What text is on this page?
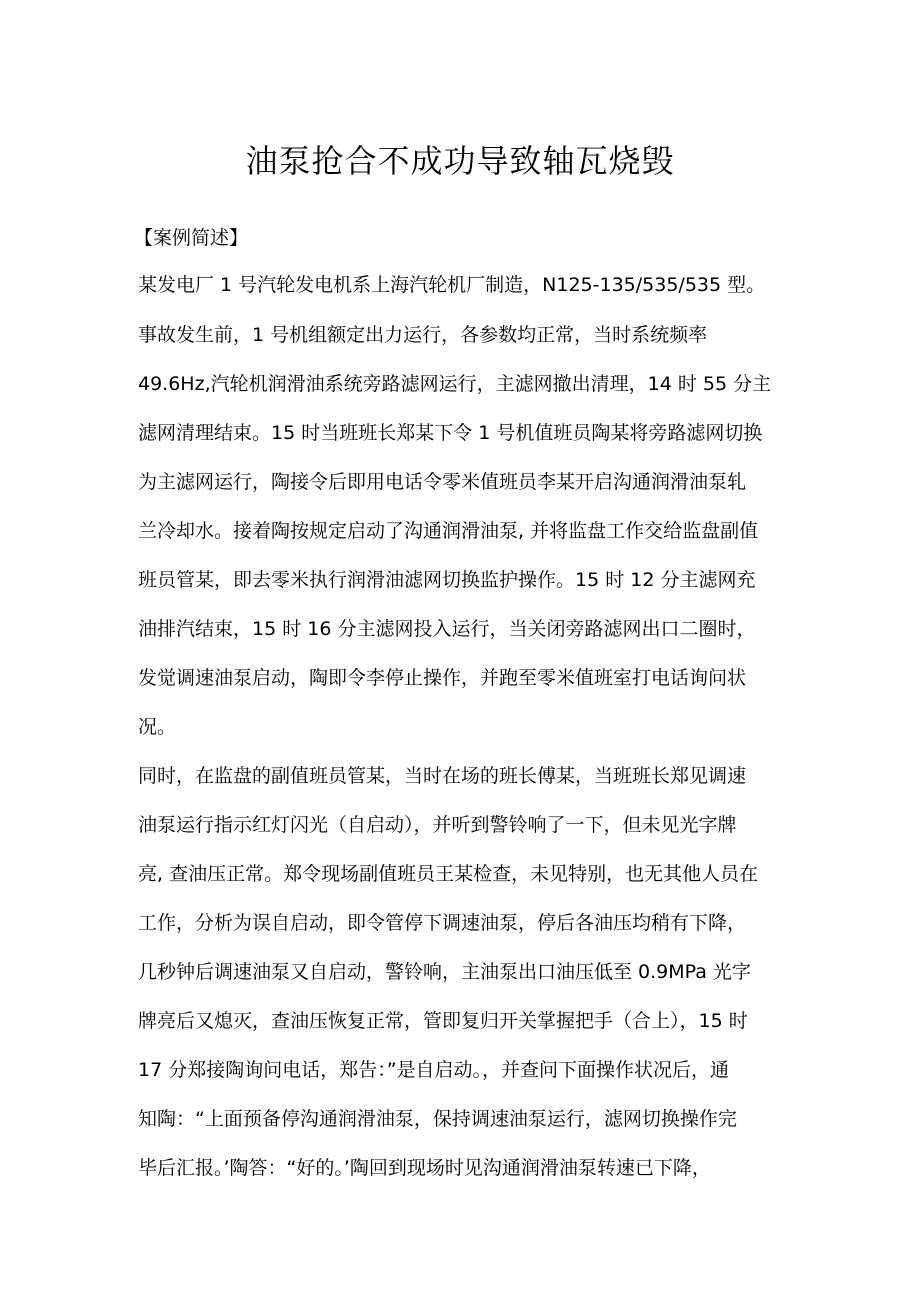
油泵抢合不成功导致轴瓦烧毁
【案例简述】
某发电厂 1 号汽轮发电机系上海汽轮机厂制造，N125-135/535/535 型。
事故发生前，1 号机组额定出力运行，各参数均正常，当时系统频率
49.6Hz,汽轮机润滑油系统旁路滤网运行，主滤网撤出清理，14 时 55 分主
滤网清理结束。15 时当班班长郑某下令 1 号机值班员陶某将旁路滤网切换
为主滤网运行，陶接令后即用电话令零米值班员李某开启沟通润滑油泵轧
兰冷却水。接着陶按规定启动了沟通润滑油泵, 并将监盘工作交给监盘副值
班员管某，即去零米执行润滑油滤网切换监护操作。15 时 12 分主滤网充
油排汽结束，15 时 16 分主滤网投入运行，当关闭旁路滤网出口二圈时，
发觉调速油泵启动，陶即令李停止操作，并跑至零米值班室打电话询问状
况。
同时，在监盘的副值班员管某，当时在场的班长傅某，当班班长郑见调速
油泵运行指示红灯闪光（自启动），并听到警铃响了一下，但未见光字牌
亮, 查油压正常。郑令现场副值班员王某检查，未见特别，也无其他人员在
工作，分析为误自启动，即令管停下调速油泵，停后各油压均稍有下降，
几秒钟后调速油泵又自启动，警铃响，主油泵出口油压低至 0.9MPa 光字
牌亮后又熄灭，查油压恢复正常，管即复归开关掌握把手（合上），15 时
17 分郑接陶询问电话，郑告：”是自启动。，并查问下面操作状况后，通
知陶：“上面预备停沟通润滑油泵，保持调速油泵运行，滤网切换操作完
毕后汇报。’陶答：“好的。’陶回到现场时见沟通润滑油泵转速已下降，
